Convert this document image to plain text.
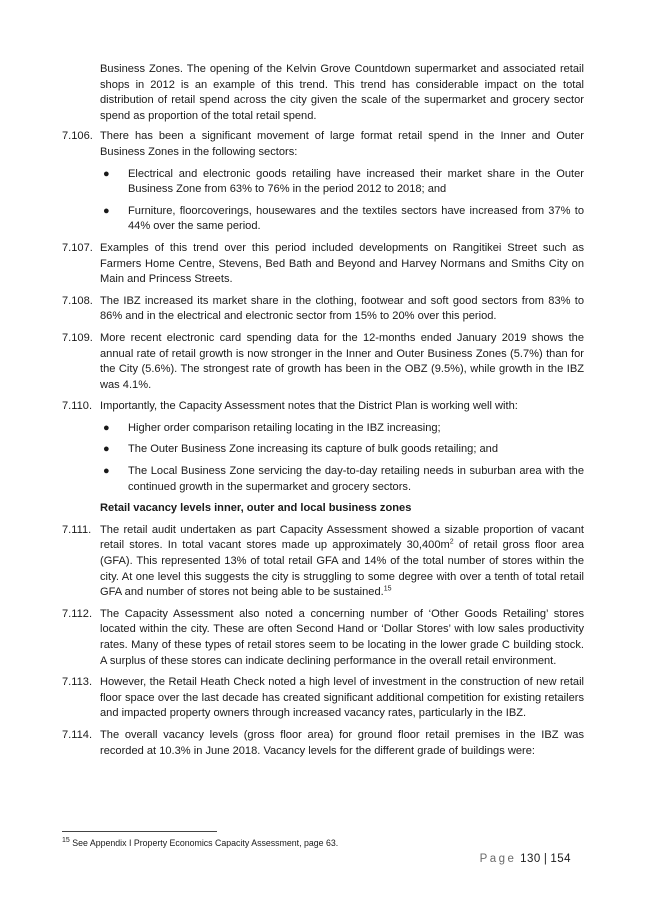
Business Zones. The opening of the Kelvin Grove Countdown supermarket and associated retail shops in 2012 is an example of this trend. This trend has considerable impact on the total distribution of retail spend across the city given the scale of the supermarket and grocery sector spend as proportion of the total retail spend.
7.106. There has been a significant movement of large format retail spend in the Inner and Outer Business Zones in the following sectors:
● Electrical and electronic goods retailing have increased their market share in the Outer Business Zone from 63% to 76% in the period 2012 to 2018; and
● Furniture, floorcoverings, housewares and the textiles sectors have increased from 37% to 44% over the same period.
7.107. Examples of this trend over this period included developments on Rangitikei Street such as Farmers Home Centre, Stevens, Bed Bath and Beyond and Harvey Normans and Smiths City on Main and Princess Streets.
7.108. The IBZ increased its market share in the clothing, footwear and soft good sectors from 83% to 86% and in the electrical and electronic sector from 15% to 20% over this period.
7.109. More recent electronic card spending data for the 12-months ended January 2019 shows the annual rate of retail growth is now stronger in the Inner and Outer Business Zones (5.7%) than for the City (5.6%). The strongest rate of growth has been in the OBZ (9.5%), while growth in the IBZ was 4.1%.
7.110. Importantly, the Capacity Assessment notes that the District Plan is working well with:
● Higher order comparison retailing locating in the IBZ increasing;
● The Outer Business Zone increasing its capture of bulk goods retailing; and
● The Local Business Zone servicing the day-to-day retailing needs in suburban area with the continued growth in the supermarket and grocery sectors.
Retail vacancy levels inner, outer and local business zones
7.111. The retail audit undertaken as part Capacity Assessment showed a sizable proportion of vacant retail stores. In total vacant stores made up approximately $30,400m^2$ of retail gross floor area (GFA). This represented 13% of total retail GFA and 14% of the total number of stores within the city. At one level this suggests the city is struggling to some degree with over a tenth of total retail GFA and number of stores not being able to be sustained.$^{15}$
7.112. The Capacity Assessment also noted a concerning number of ‘Other Goods Retailing’ stores located within the city. These are often Second Hand or ‘Dollar Stores’ with low sales productivity rates. Many of these types of retail stores seem to be locating in the lower grade C building stock. A surplus of these stores can indicate declining performance in the overall retail environment.
7.113. However, the Retail Heath Check noted a high level of investment in the construction of new retail floor space over the last decade has created significant additional competition for existing retailers and impacted property owners through increased vacancy rates, particularly in the IBZ.
7.114. The overall vacancy levels (gross floor area) for ground floor retail premises in the IBZ was recorded at 10.3% in June 2018. Vacancy levels for the different grade of buildings were:
$^{15}$ See Appendix I Property Economics Capacity Assessment, page 63.
Page 130 | 154
